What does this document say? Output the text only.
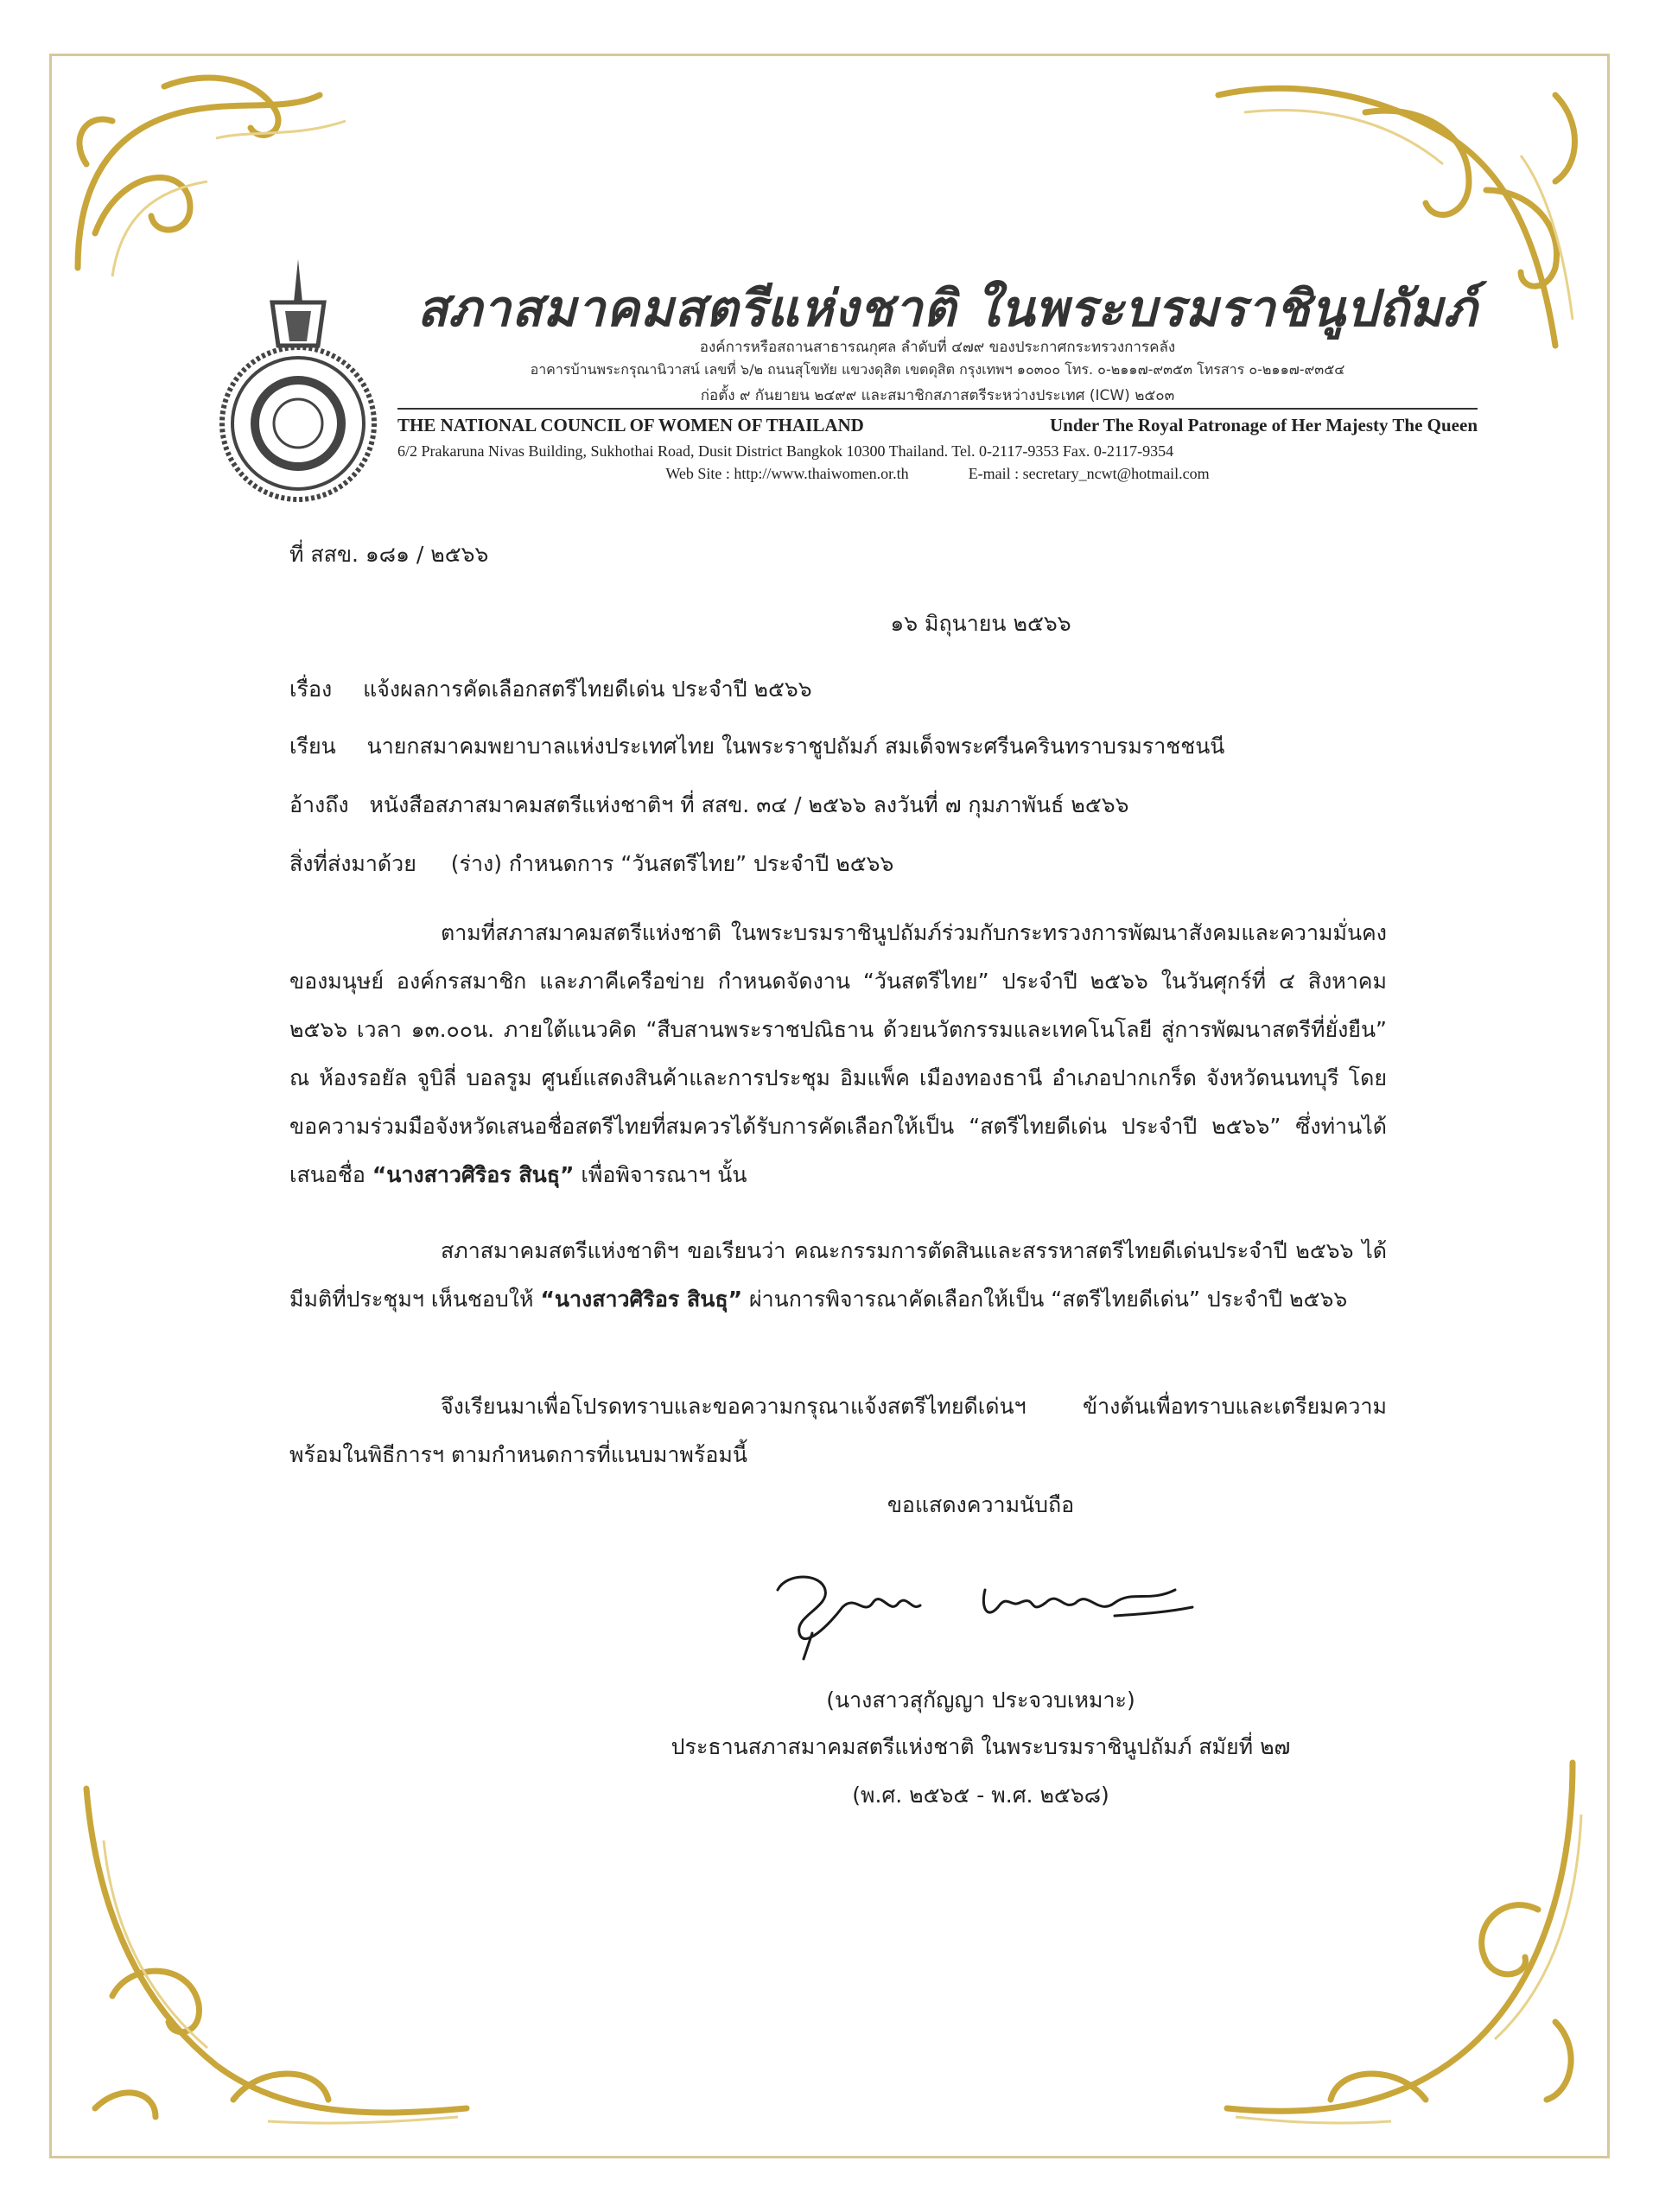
สภาสมาคมสตรีแห่งชาติ ในพระบรมราชินูปถัมภ์
องค์การหรือสถานสาธารณกุศล ลำดับที่ ๔๗๙ ของประกาศกระทรวงการคลัง
อาคารบ้านพระกรุณานิวาสน์ เลขที่ ๖/๒ ถนนสุโขทัย แขวงดุสิต เขตดุสิต กรุงเทพฯ ๑๐๓๐๐ โทร. ๐-๒๑๑๗-๙๓๕๓ โทรสาร ๐-๒๑๑๗-๙๓๕๔
ก่อตั้ง ๙ กันยายน ๒๔๙๙ และสมาชิกสภาสตรีระหว่างประเทศ (ICW) ๒๕๐๓
THE NATIONAL COUNCIL OF WOMEN OF THAILAND	Under The Royal Patronage of Her Majesty The Queen
6/2 Prakaruna Nivas Building, Sukhothai Road, Dusit District Bangkok 10300 Thailand. Tel. 0-2117-9353 Fax. 0-2117-9354
Web Site : http://www.thaiwomen.or.th	E-mail : secretary_ncwt@hotmail.com
ที่ สสข. ๑๘๑ / ๒๕๖๖
๑๖ มิถุนายน ๒๕๖๖
เรื่อง แจ้งผลการคัดเลือกสตรีไทยดีเด่น ประจำปี ๒๕๖๖
เรียน นายกสมาคมพยาบาลแห่งประเทศไทย ในพระราชูปถัมภ์ สมเด็จพระศรีนครินทราบรมราชชนนี
อ้างถึง หนังสือสภาสมาคมสตรีแห่งชาติฯ ที่ สสข. ๓๔ / ๒๕๖๖ ลงวันที่ ๗ กุมภาพันธ์ ๒๕๖๖
สิ่งที่ส่งมาด้วย (ร่าง) กำหนดการ “วันสตรีไทย” ประจำปี ๒๕๖๖
ตามที่สภาสมาคมสตรีแห่งชาติ ในพระบรมราชินูปถัมภ์ร่วมกับกระทรวงการพัฒนาสังคมและความมั่นคงของมนุษย์ องค์กรสมาชิก และภาคีเครือข่าย กำหนดจัดงาน “วันสตรีไทย” ประจำปี ๒๕๖๖ ในวันศุกร์ที่ ๔ สิงหาคม ๒๕๖๖ เวลา ๑๓.๐๐น. ภายใต้แนวคิด “สืบสานพระราชปณิธาน ด้วยนวัตกรรมและเทคโนโลยี สู่การพัฒนาสตรีที่ยั่งยืน” ณ ห้องรอยัล จูบิลี่ บอลรูม ศูนย์แสดงสินค้าและการประชุม อิมแพ็ค เมืองทองธานี อำเภอปากเกร็ด จังหวัดนนทบุรี โดยขอความร่วมมือจังหวัดเสนอชื่อสตรีไทยที่สมควรได้รับการคัดเลือกให้เป็น “สตรีไทยดีเด่น ประจำปี ๒๕๖๖” ซึ่งท่านได้เสนอชื่อ “นางสาวศิริอร สินธุ” เพื่อพิจารณาฯ นั้น
สภาสมาคมสตรีแห่งชาติฯ ขอเรียนว่า คณะกรรมการตัดสินและสรรหาสตรีไทยดีเด่นประจำปี ๒๕๖๖ ได้มีมติที่ประชุมฯ เห็นชอบให้ “นางสาวศิริอร สินธุ” ผ่านการพิจารณาคัดเลือกให้เป็น “สตรีไทยดีเด่น” ประจำปี ๒๕๖๖
จึงเรียนมาเพื่อโปรดทราบและขอความกรุณาแจ้งสตรีไทยดีเด่นฯ ข้างต้นเพื่อทราบและเตรียมความพร้อมในพิธีการฯ ตามกำหนดการที่แนบมาพร้อมนี้
ขอแสดงความนับถือ
(นางสาวสุกัญญา ประจวบเหมาะ)
ประธานสภาสมาคมสตรีแห่งชาติ ในพระบรมราชินูปถัมภ์ สมัยที่ ๒๗
(พ.ศ. ๒๕๖๕ - พ.ศ. ๒๕๖๘)
